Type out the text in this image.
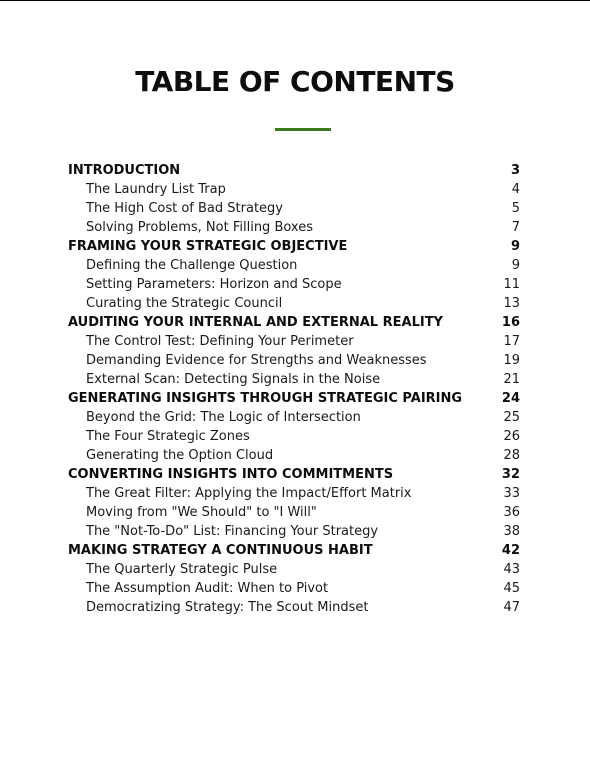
TABLE OF CONTENTS
INTRODUCTION	3
The Laundry List Trap	4
The High Cost of Bad Strategy	5
Solving Problems, Not Filling Boxes	7
FRAMING YOUR STRATEGIC OBJECTIVE	9
Defining the Challenge Question	9
Setting Parameters: Horizon and Scope	11
Curating the Strategic Council	13
AUDITING YOUR INTERNAL AND EXTERNAL REALITY	16
The Control Test: Defining Your Perimeter	17
Demanding Evidence for Strengths and Weaknesses	19
External Scan: Detecting Signals in the Noise	21
GENERATING INSIGHTS THROUGH STRATEGIC PAIRING	24
Beyond the Grid: The Logic of Intersection	25
The Four Strategic Zones	26
Generating the Option Cloud	28
CONVERTING INSIGHTS INTO COMMITMENTS	32
The Great Filter: Applying the Impact/Effort Matrix	33
Moving from "We Should" to "I Will"	36
The "Not-To-Do" List: Financing Your Strategy	38
MAKING STRATEGY A CONTINUOUS HABIT	42
The Quarterly Strategic Pulse	43
The Assumption Audit: When to Pivot	45
Democratizing Strategy: The Scout Mindset	47
